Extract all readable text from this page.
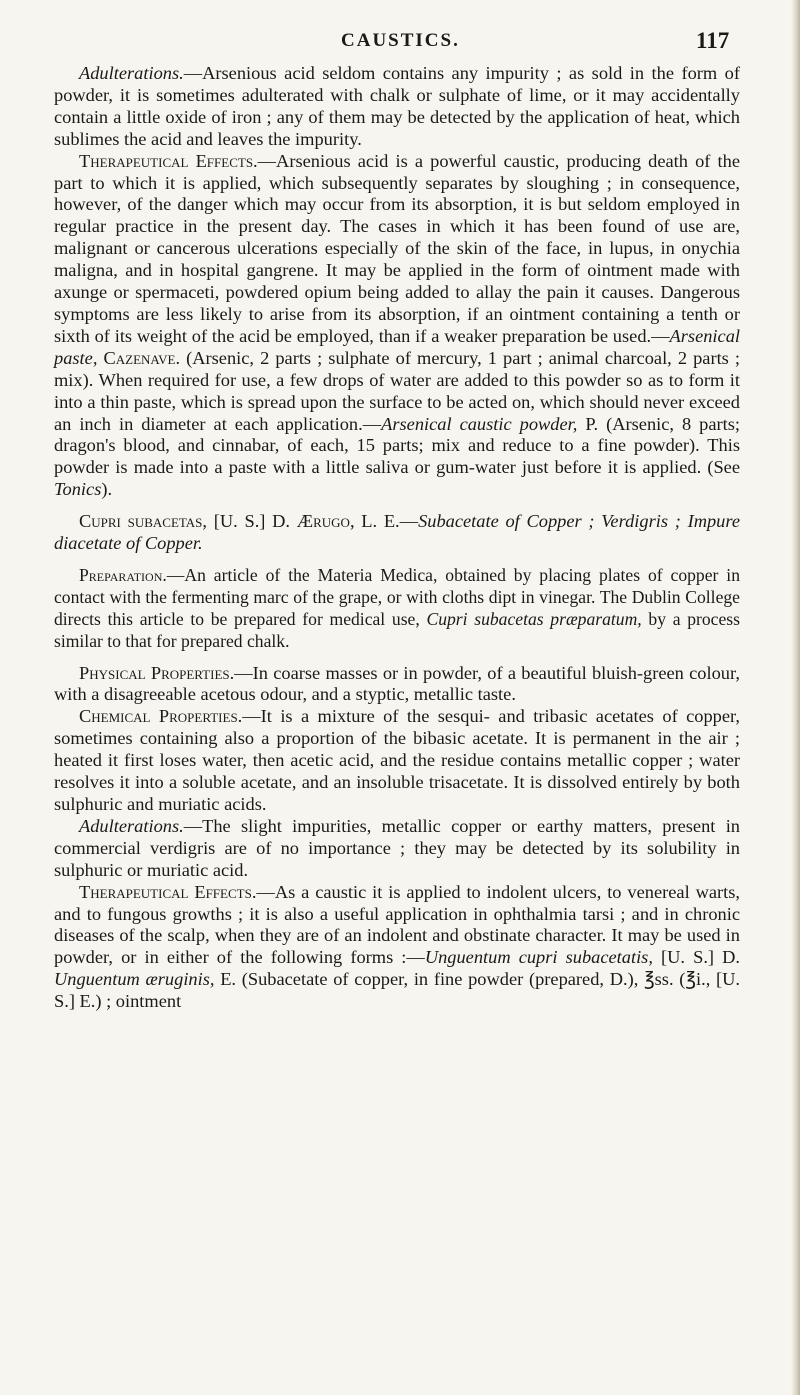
CAUSTICS.	117

Adulterations.—Arsenious acid seldom contains any impurity ; as sold in the form of powder, it is sometimes adulterated with chalk or sulphate of lime, or it may accidentally contain a little oxide of iron ; any of them may be detected by the application of heat, which sublimes the acid and leaves the impurity.

Therapeutical Effects.—Arsenious acid is a powerful caustic, producing death of the part to which it is applied, which subsequently separates by sloughing ; in consequence, however, of the danger which may occur from its absorption, it is but seldom employed in regular practice in the present day. The cases in which it has been found of use are, malignant or cancerous ulcerations especially of the skin of the face, in lupus, in onychia maligna, and in hospital gangrene. It may be applied in the form of ointment made with axunge or spermaceti, powdered opium being added to allay the pain it causes. Dangerous symptoms are less likely to arise from its absorption, if an ointment containing a tenth or sixth of its weight of the acid be employed, than if a weaker preparation be used.—Arsenical paste, Cazenave. (Arsenic, 2 parts ; sulphate of mercury, 1 part ; animal charcoal, 2 parts ; mix). When required for use, a few drops of water are added to this powder so as to form it into a thin paste, which is spread upon the surface to be acted on, which should never exceed an inch in diameter at each application.—Arsenical caustic powder, P. (Arsenic, 8 parts; dragon's blood, and cinnabar, of each, 15 parts; mix and reduce to a fine powder). This powder is made into a paste with a little saliva or gum-water just before it is applied. (See Tonics).

Cupri subacetas, [U. S.] D. Ærugo, L. E.—Subacetate of Copper ; Verdigris ; Impure diacetate of Copper.

Preparation.—An article of the Materia Medica, obtained by placing plates of copper in contact with the fermenting marc of the grape, or with cloths dipt in vinegar. The Dublin College directs this article to be prepared for medical use, Cupri subacetas præparatum, by a process similar to that for prepared chalk.

Physical Properties.—In coarse masses or in powder, of a beautiful bluish-green colour, with a disagreeable acetous odour, and a styptic, metallic taste.

Chemical Properties.—It is a mixture of the sesqui- and tribasic acetates of copper, sometimes containing also a proportion of the bibasic acetate. It is permanent in the air ; heated it first loses water, then acetic acid, and the residue contains metallic copper ; water resolves it into a soluble acetate, and an insoluble trisacetate. It is dissolved entirely by both sulphuric and muriatic acids.

Adulterations.—The slight impurities, metallic copper or earthy matters, present in commercial verdigris are of no importance ; they may be detected by its solubility in sulphuric or muriatic acid.

Therapeutical Effects.—As a caustic it is applied to indolent ulcers, to venereal warts, and to fungous growths ; it is also a useful application in ophthalmia tarsi ; and in chronic diseases of the scalp, when they are of an indolent and obstinate character. It may be used in powder, or in either of the following forms :—Unguentum cupri subacetatis, [U. S.] D. Unguentum æruginis, E. (Subacetate of copper, in fine powder (prepared, D.), ℥ss. (℥i., [U. S.] E.) ; ointment
